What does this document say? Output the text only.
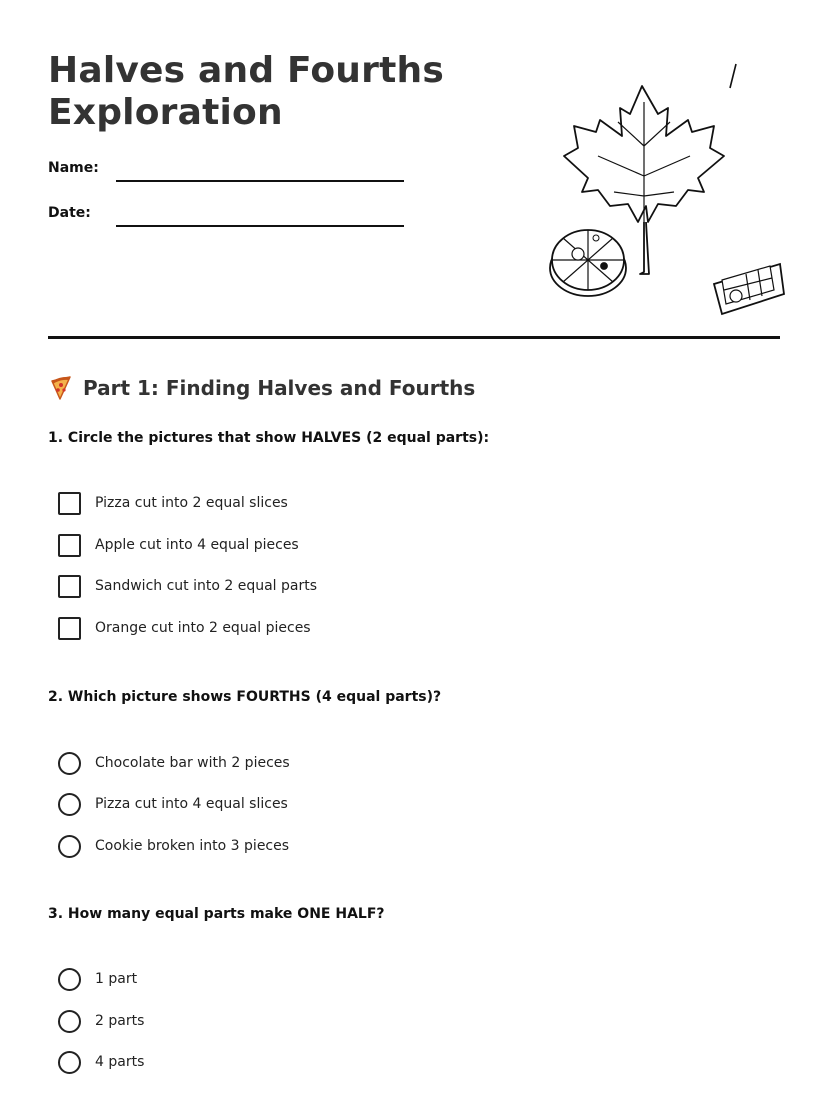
Halves and Fourths
Exploration
Name:
Date:
Part 1: Finding Halves and Fourths
1. Circle the pictures that show HALVES (2 equal parts):
Pizza cut into 2 equal slices
Apple cut into 4 equal pieces
Sandwich cut into 2 equal parts
Orange cut into 2 equal pieces
2. Which picture shows FOURTHS (4 equal parts)?
Chocolate bar with 2 pieces
Pizza cut into 4 equal slices
Cookie broken into 3 pieces
3. How many equal parts make ONE HALF?
1 part
2 parts
4 parts
